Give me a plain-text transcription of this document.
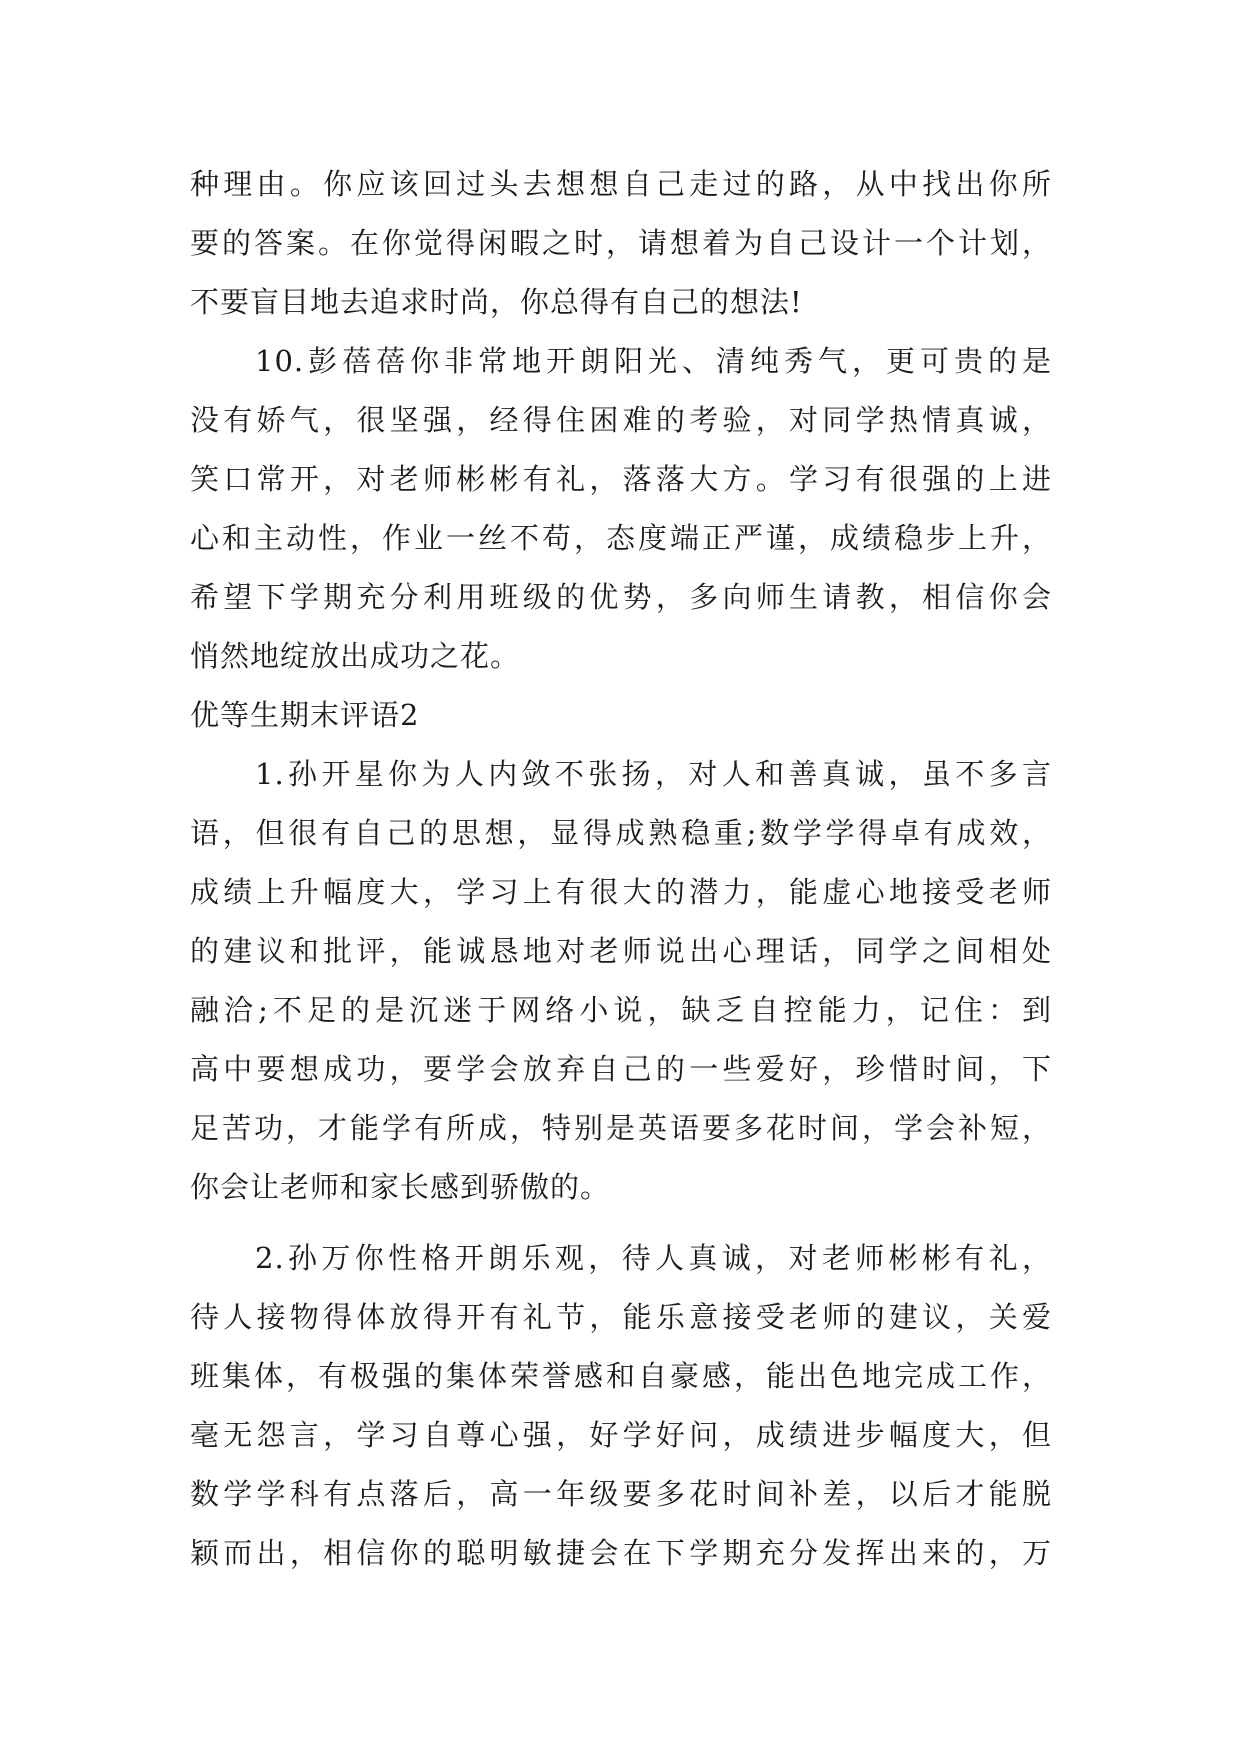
种理由。你应该回过头去想想自己走过的路，从中找出你所
要的答案。在你觉得闲暇之时，请想着为自己设计一个计划，
不要盲目地去追求时尚，你总得有自己的想法!
10.彭蓓蓓你非常地开朗阳光、清纯秀气，更可贵的是
没有娇气，很坚强，经得住困难的考验，对同学热情真诚，
笑口常开，对老师彬彬有礼，落落大方。学习有很强的上进
心和主动性，作业一丝不苟，态度端正严谨，成绩稳步上升，
希望下学期充分利用班级的优势，多向师生请教，相信你会
悄然地绽放出成功之花。
优等生期末评语2
1.孙开星你为人内敛不张扬，对人和善真诚，虽不多言
语，但很有自己的思想，显得成熟稳重;数学学得卓有成效，
成绩上升幅度大，学习上有很大的潜力，能虚心地接受老师
的建议和批评，能诚恳地对老师说出心理话，同学之间相处
融洽;不足的是沉迷于网络小说，缺乏自控能力，记住：到
高中要想成功，要学会放弃自己的一些爱好，珍惜时间，下
足苦功，才能学有所成，特别是英语要多花时间，学会补短，
你会让老师和家长感到骄傲的。
2.孙万你性格开朗乐观，待人真诚，对老师彬彬有礼，
待人接物得体放得开有礼节，能乐意接受老师的建议，关爱
班集体，有极强的集体荣誉感和自豪感，能出色地完成工作，
毫无怨言，学习自尊心强，好学好问，成绩进步幅度大，但
数学学科有点落后，高一年级要多花时间补差，以后才能脱
颖而出，相信你的聪明敏捷会在下学期充分发挥出来的，万
